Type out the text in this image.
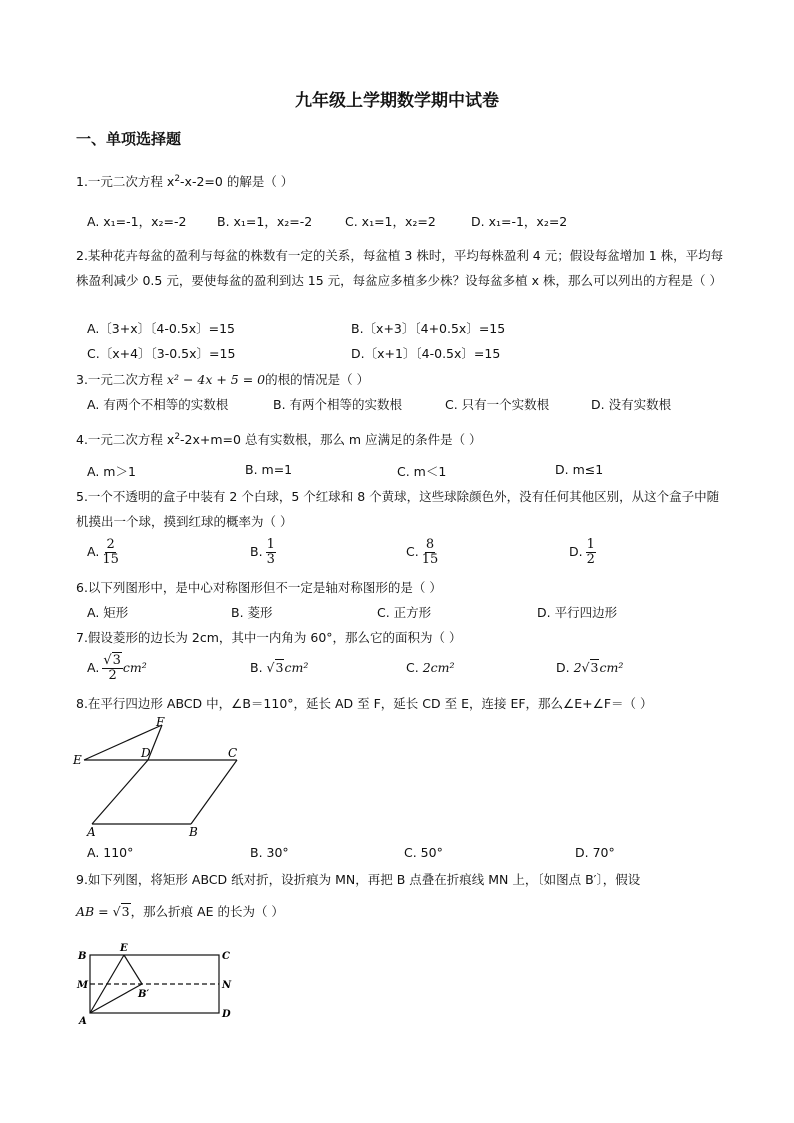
九年级上学期数学期中试卷
一、单项选择题
1.一元二次方程 $x^2-x-2=0$ 的解是（ ）
A. x₁=-1，x₂=-2 B. x₁=1，x₂=-2	C. x₁=1，x₂=2	D. x₁=-1，x₂=2
2.某种花卉每盆的盈利与每盆的株数有一定的关系，每盆植 3 株时，平均每株盈利 4 元；假设每盆增加 1 株，平均每株盈利减少 0.5 元，要使每盆的盈利到达 15 元，每盆应多植多少株？设每盆多植 x 株，那么可以列出的方程是（ ）
A.〔3+x〕〔4-0.5x〕=15	B.〔x+3〕〔4+0.5x〕=15
C.〔x+4〕〔3-0.5x〕=15	D.〔x+1〕〔4-0.5x〕=15
3.一元二次方程 x² − 4x + 5 = 0的根的情况是（ ）
A. 有两个不相等的实数根	B. 有两个相等的实数根	C. 只有一个实数根	D. 没有实数根
4.一元二次方程 $x^2-2x+m=0$ 总有实数根，那么 m 应满足的条件是（ ）
A. m＞1	B. m=1	C. m＜1	D. m≤1
5.一个不透明的盒子中装有 2 个白球，5 个红球和 8 个黄球，这些球除颜色外，没有任何其他区别，从这个盒子中随机摸出一个球，摸到红球的概率为（ ）
A. $\frac{2}{15}$	B. $\frac{1}{3}$	C. $\frac{8}{15}$	D. $\frac{1}{2}$
6.以下列图形中，是中心对称图形但不一定是轴对称图形的是（ ）
A. 矩形	B. 菱形	C. 正方形	D. 平行四边形
7.假设菱形的边长为 2cm，其中一内角为 60°，那么它的面积为（ ）
A. $\frac{√3}{2} cm^2$	B. √3cm²	C. 2cm²	D. 2√3cm²
8.在平行四边形 ABCD 中，∠B＝110°，延长 AD 至 F，延长 CD 至 E，连接 EF，那么∠E+∠F＝（ ）
F
E	D	C
A	B
A. 110°	B. 30°	C. 50°	D. 70°
9.如下列图，将矩形 ABCD 纸对折，设折痕为 MN，再把 B 点叠在折痕线 MN 上，〔如图点 B′〕，假设
AB = √3，那么折痕 AE 的长为（ ）
B
E
C
M	N
B′
A
D
